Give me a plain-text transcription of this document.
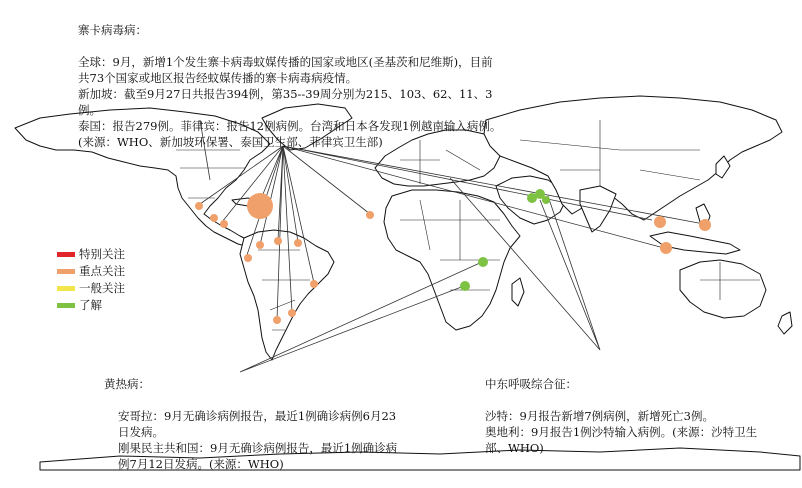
寨卡病毒病：

全球：9月，新增1个发生寨卡病毒蚊媒传播的国家或地区(圣基茨和尼维斯)，目前共73个国家或地区报告经蚊媒传播的寨卡病毒病疫情。
新加坡：截至9月27日共报告394例，第35--39周分别为215、103、62、11、3例。
泰国：报告279例。菲律宾：报告12例病例。台湾和日本各发现1例越南输入病例。(来源：WHO、新加坡环保署、泰国卫生部、菲律宾卫生部)

特别关注
重点关注
一般关注
了解

黄热病：

安哥拉：9月无确诊病例报告，最近1例确诊病例6月23日发病。
刚果民主共和国：9月无确诊病例报告，最近1例确诊病例7月12日发病。(来源：WHO)

中东呼吸综合征：

沙特：9月报告新增7例病例，新增死亡3例。
奥地利：9月报告1例沙特输入病例。(来源：沙特卫生部、WHO)
